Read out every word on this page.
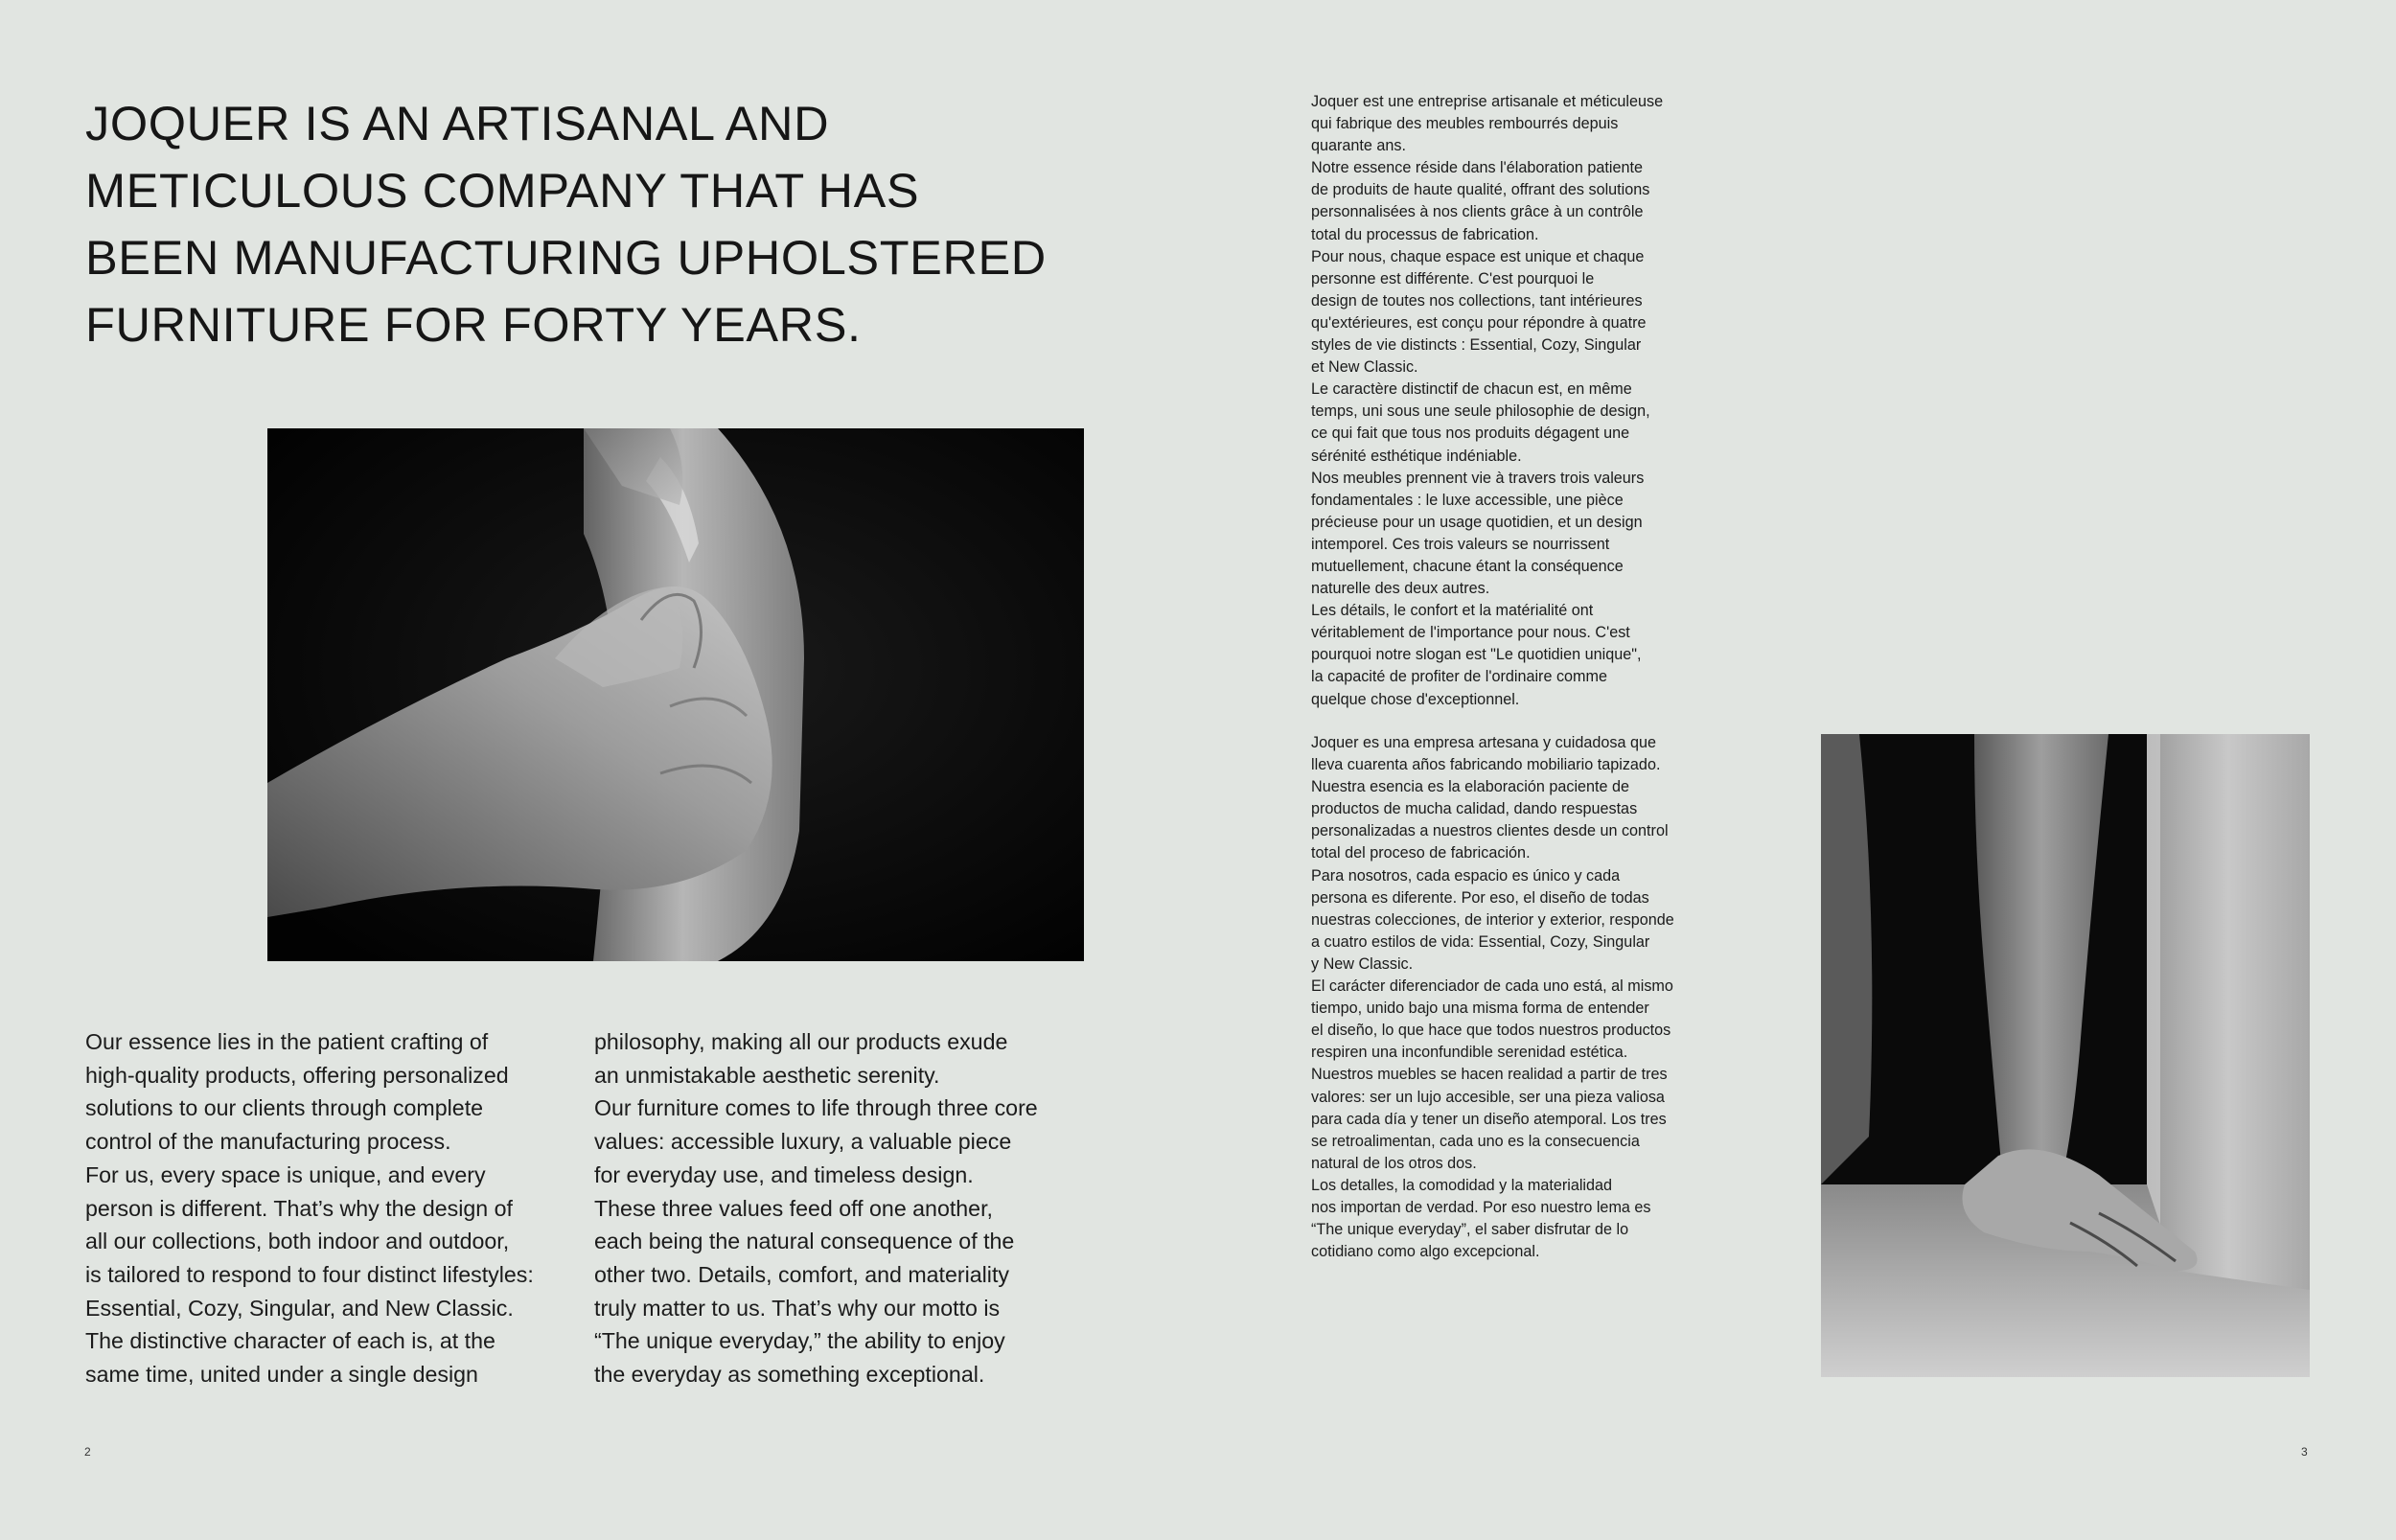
JOQUER IS AN ARTISANAL AND
METICULOUS COMPANY THAT HAS
BEEN MANUFACTURING UPHOLSTERED
FURNITURE FOR FORTY YEARS.
Our essence lies in the patient crafting of
high-quality products, offering personalized
solutions to our clients through complete
control of the manufacturing process.
For us, every space is unique, and every
person is different. That’s why the design of
all our collections, both indoor and outdoor,
is tailored to respond to four distinct lifestyles:
Essential, Cozy, Singular, and New Classic.
The distinctive character of each is, at the
same time, united under a single design
philosophy, making all our products exude
an unmistakable aesthetic serenity.
Our furniture comes to life through three core
values: accessible luxury, a valuable piece
for everyday use, and timeless design.
These three values feed off one another,
each being the natural consequence of the
other two. Details, comfort, and materiality
truly matter to us. That’s why our motto is
“The unique everyday,” the ability to enjoy
the everyday as something exceptional.
Joquer est une entreprise artisanale et méticuleuse
qui fabrique des meubles rembourrés depuis
quarante ans.
Notre essence réside dans l'élaboration patiente
de produits de haute qualité, offrant des solutions
personnalisées à nos clients grâce à un contrôle
total du processus de fabrication.
Pour nous, chaque espace est unique et chaque
personne est différente. C'est pourquoi le
design de toutes nos collections, tant intérieures
qu'extérieures, est conçu pour répondre à quatre
styles de vie distincts : Essential, Cozy, Singular
et New Classic.
Le caractère distinctif de chacun est, en même
temps, uni sous une seule philosophie de design,
ce qui fait que tous nos produits dégagent une
sérénité esthétique indéniable.
Nos meubles prennent vie à travers trois valeurs
fondamentales : le luxe accessible, une pièce
précieuse pour un usage quotidien, et un design
intemporel. Ces trois valeurs se nourrissent
mutuellement, chacune étant la conséquence
naturelle des deux autres.
Les détails, le confort et la matérialité ont
véritablement de l'importance pour nous. C'est
pourquoi notre slogan est "Le quotidien unique",
la capacité de profiter de l'ordinaire comme
quelque chose d'exceptionnel.
Joquer es una empresa artesana y cuidadosa que
lleva cuarenta años fabricando mobiliario tapizado.
Nuestra esencia es la elaboración paciente de
productos de mucha calidad, dando respuestas
personalizadas a nuestros clientes desde un control
total del proceso de fabricación.
Para nosotros, cada espacio es único y cada
persona es diferente. Por eso, el diseño de todas
nuestras colecciones, de interior y exterior, responde
a cuatro estilos de vida: Essential, Cozy, Singular
y New Classic.
El carácter diferenciador de cada uno está, al mismo
tiempo, unido bajo una misma forma de entender
el diseño, lo que hace que todos nuestros productos
respiren una inconfundible serenidad estética.
Nuestros muebles se hacen realidad a partir de tres
valores: ser un lujo accesible, ser una pieza valiosa
para cada día y tener un diseño atemporal. Los tres
se retroalimentan, cada uno es la consecuencia
natural de los otros dos.
Los detalles, la comodidad y la materialidad
nos importan de verdad. Por eso nuestro lema es
“The unique everyday”, el saber disfrutar de lo
cotidiano como algo excepcional.
2	3
